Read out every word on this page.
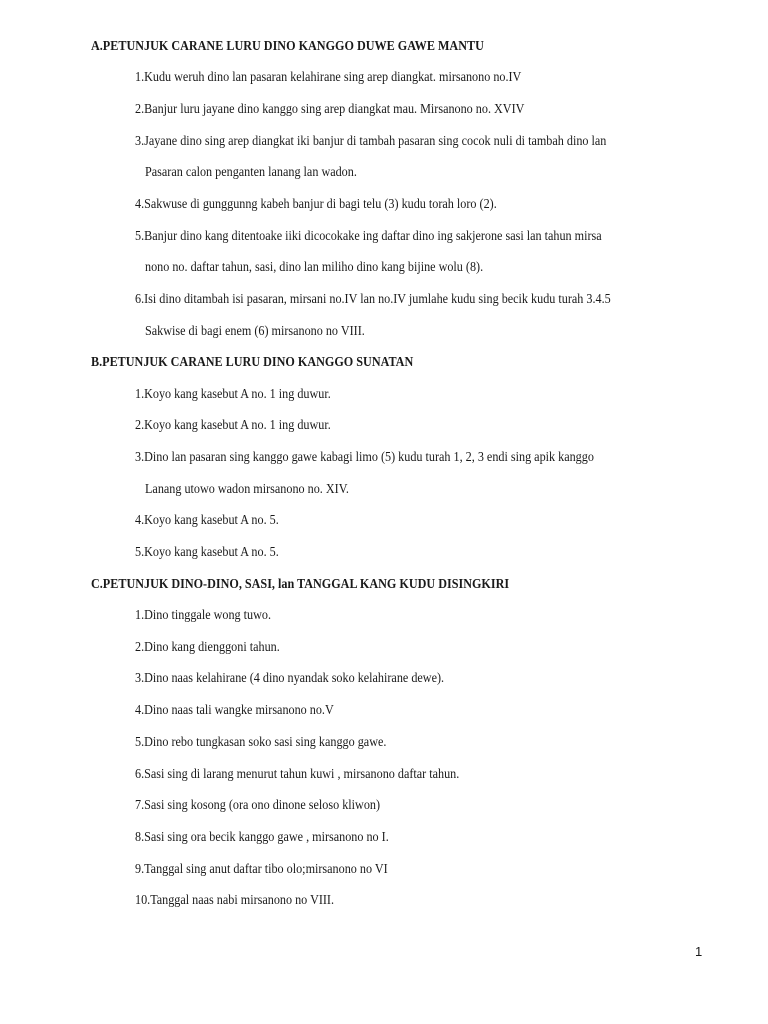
A.PETUNJUK CARANE LURU DINO KANGGO DUWE GAWE MANTU
1.Kudu weruh dino lan pasaran kelahirane sing arep diangkat. mirsanono no.IV
2.Banjur luru jayane dino kanggo sing arep diangkat mau. Mirsanono no. XVIV
3.Jayane dino sing arep diangkat iki banjur di tambah pasaran sing cocok nuli di tambah dino lan
Pasaran calon penganten lanang lan wadon.
4.Sakwuse di gunggunng kabeh banjur di bagi telu (3) kudu torah loro (2).
5.Banjur dino kang ditentoake iiki dicocokake ing daftar dino ing sakjerone sasi lan tahun mirsa
nono no. daftar tahun, sasi, dino lan miliho dino kang bijine wolu (8).
6.Isi dino ditambah isi pasaran, mirsani no.IV lan no.IV jumlahe kudu sing becik kudu turah 3.4.5
Sakwise di bagi enem (6) mirsanono no VIII.
B.PETUNJUK CARANE LURU DINO KANGGO SUNATAN
1.Koyo kang kasebut A no. 1 ing duwur.
2.Koyo kang kasebut A no. 1 ing duwur.
3.Dino lan pasaran sing kanggo gawe kabagi limo (5) kudu turah 1, 2, 3 endi sing apik kanggo
Lanang utowo wadon mirsanono no. XIV.
4.Koyo kang kasebut A no. 5.
5.Koyo kang kasebut A no. 5.
C.PETUNJUK DINO-DINO, SASI, lan TANGGAL KANG KUDU DISINGKIRI
1.Dino tinggale wong tuwo.
2.Dino kang dienggoni tahun.
3.Dino naas kelahirane (4 dino nyandak soko kelahirane dewe).
4.Dino naas tali wangke mirsanono no.V
5.Dino rebo tungkasan soko sasi sing kanggo gawe.
6.Sasi sing di larang menurut tahun kuwi , mirsanono daftar tahun.
7.Sasi sing kosong (ora ono dinone seloso kliwon)
8.Sasi sing ora becik kanggo gawe , mirsanono no I.
9.Tanggal sing anut daftar tibo olo;mirsanono no VI
10.Tanggal naas nabi mirsanono no VIII.
1
